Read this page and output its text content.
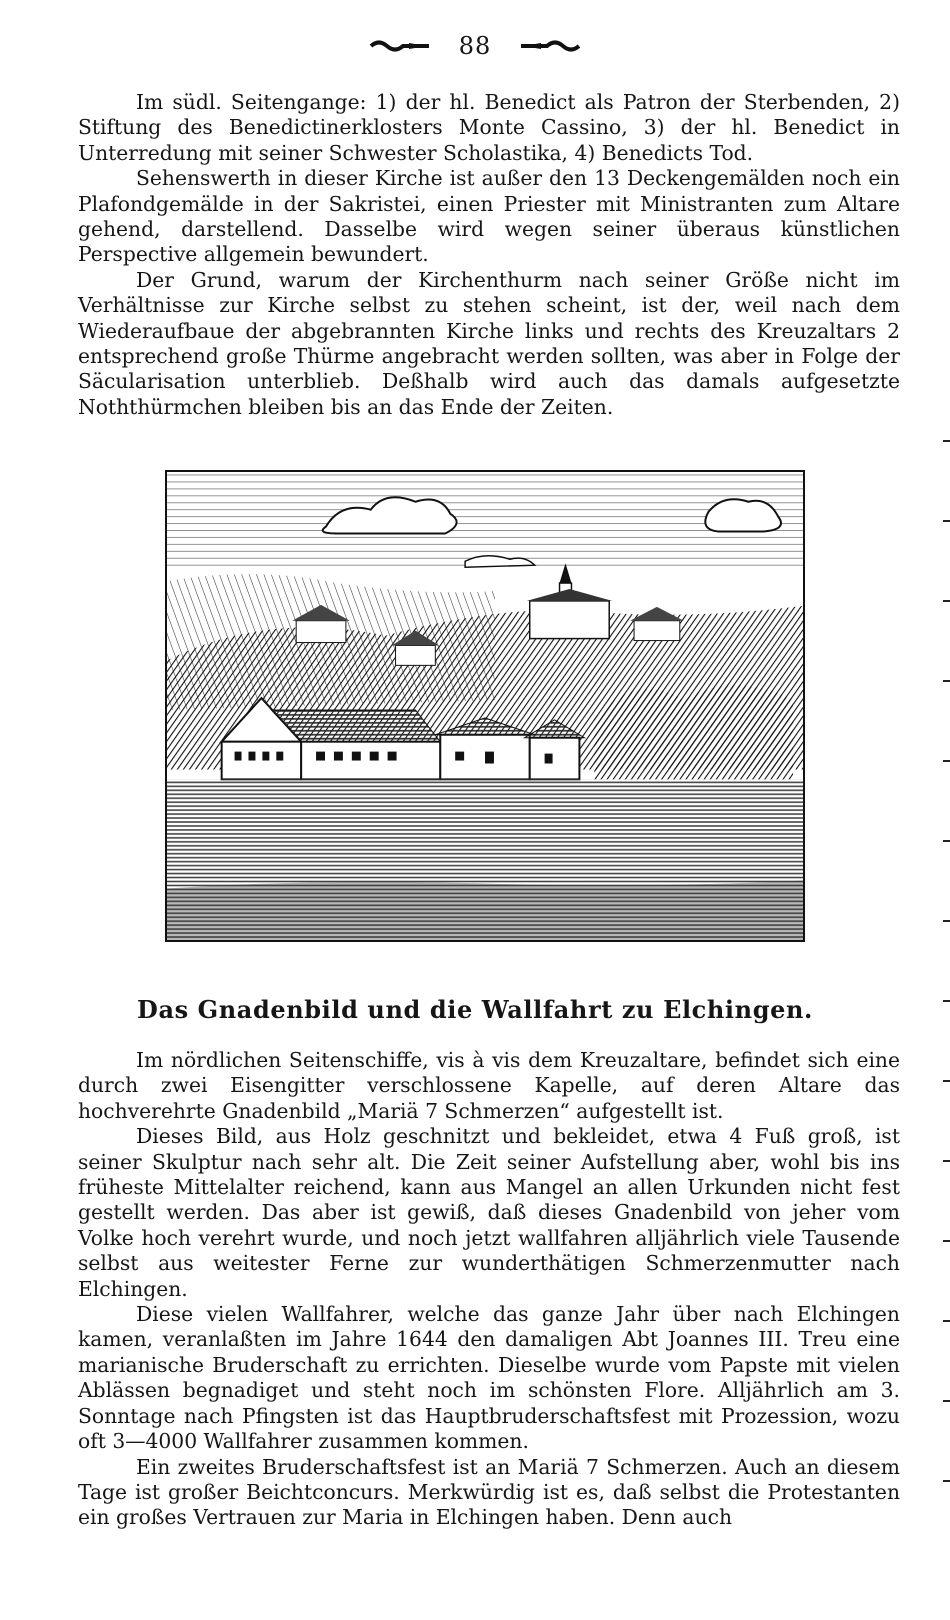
88

Im südl. Seitengange: 1) der hl. Benedict als Patron der Sterbenden, 2) Stiftung des Benedictinerklosters Monte Cassino, 3) der hl. Benedict in Unterredung mit seiner Schwester Scholastika, 4) Benedicts Tod.

Sehenswerth in dieser Kirche ist außer den 13 Deckengemälden noch ein Plafondgemälde in der Sakristei, einen Priester mit Ministranten zum Altare gehend, darstellend. Dasselbe wird wegen seiner überaus künstlichen Perspective allgemein bewundert.

Der Grund, warum der Kirchenthurm nach seiner Größe nicht im Verhältnisse zur Kirche selbst zu stehen scheint, ist der, weil nach dem Wiederaufbaue der abgebrannten Kirche links und rechts des Kreuzaltars 2 entsprechend große Thürme angebracht werden sollten, was aber in Folge der Säcularisation unterblieb. Deßhalb wird auch das damals aufgesetzte Noththürmchen bleiben bis an das Ende der Zeiten.

Das Gnadenbild und die Wallfahrt zu Elchingen.

Im nördlichen Seitenschiffe, vis à vis dem Kreuzaltare, befindet sich eine durch zwei Eisengitter verschlossene Kapelle, auf deren Altare das hochverehrte Gnadenbild „Mariä 7 Schmerzen“ aufgestellt ist.

Dieses Bild, aus Holz geschnitzt und bekleidet, etwa 4 Fuß groß, ist seiner Skulptur nach sehr alt. Die Zeit seiner Aufstellung aber, wohl bis ins früheste Mittelalter reichend, kann aus Mangel an allen Urkunden nicht fest gestellt werden. Das aber ist gewiß, daß dieses Gnadenbild von jeher vom Volke hoch verehrt wurde, und noch jetzt wallfahren alljährlich viele Tausende selbst aus weitester Ferne zur wunderthätigen Schmerzenmutter nach Elchingen.

Diese vielen Wallfahrer, welche das ganze Jahr über nach Elchingen kamen, veranlaßten im Jahre 1644 den damaligen Abt Joannes III. Treu eine marianische Bruderschaft zu errichten. Dieselbe wurde vom Papste mit vielen Ablässen begnadiget und steht noch im schönsten Flore. Alljährlich am 3. Sonntage nach Pfingsten ist das Hauptbruderschaftsfest mit Prozession, wozu oft 3—4000 Wallfahrer zusammen kommen.

Ein zweites Bruderschaftsfest ist an Mariä 7 Schmerzen. Auch an diesem Tage ist großer Beichtconcurs. Merkwürdig ist es, daß selbst die Protestanten ein großes Vertrauen zur Maria in Elchingen haben. Denn auch
